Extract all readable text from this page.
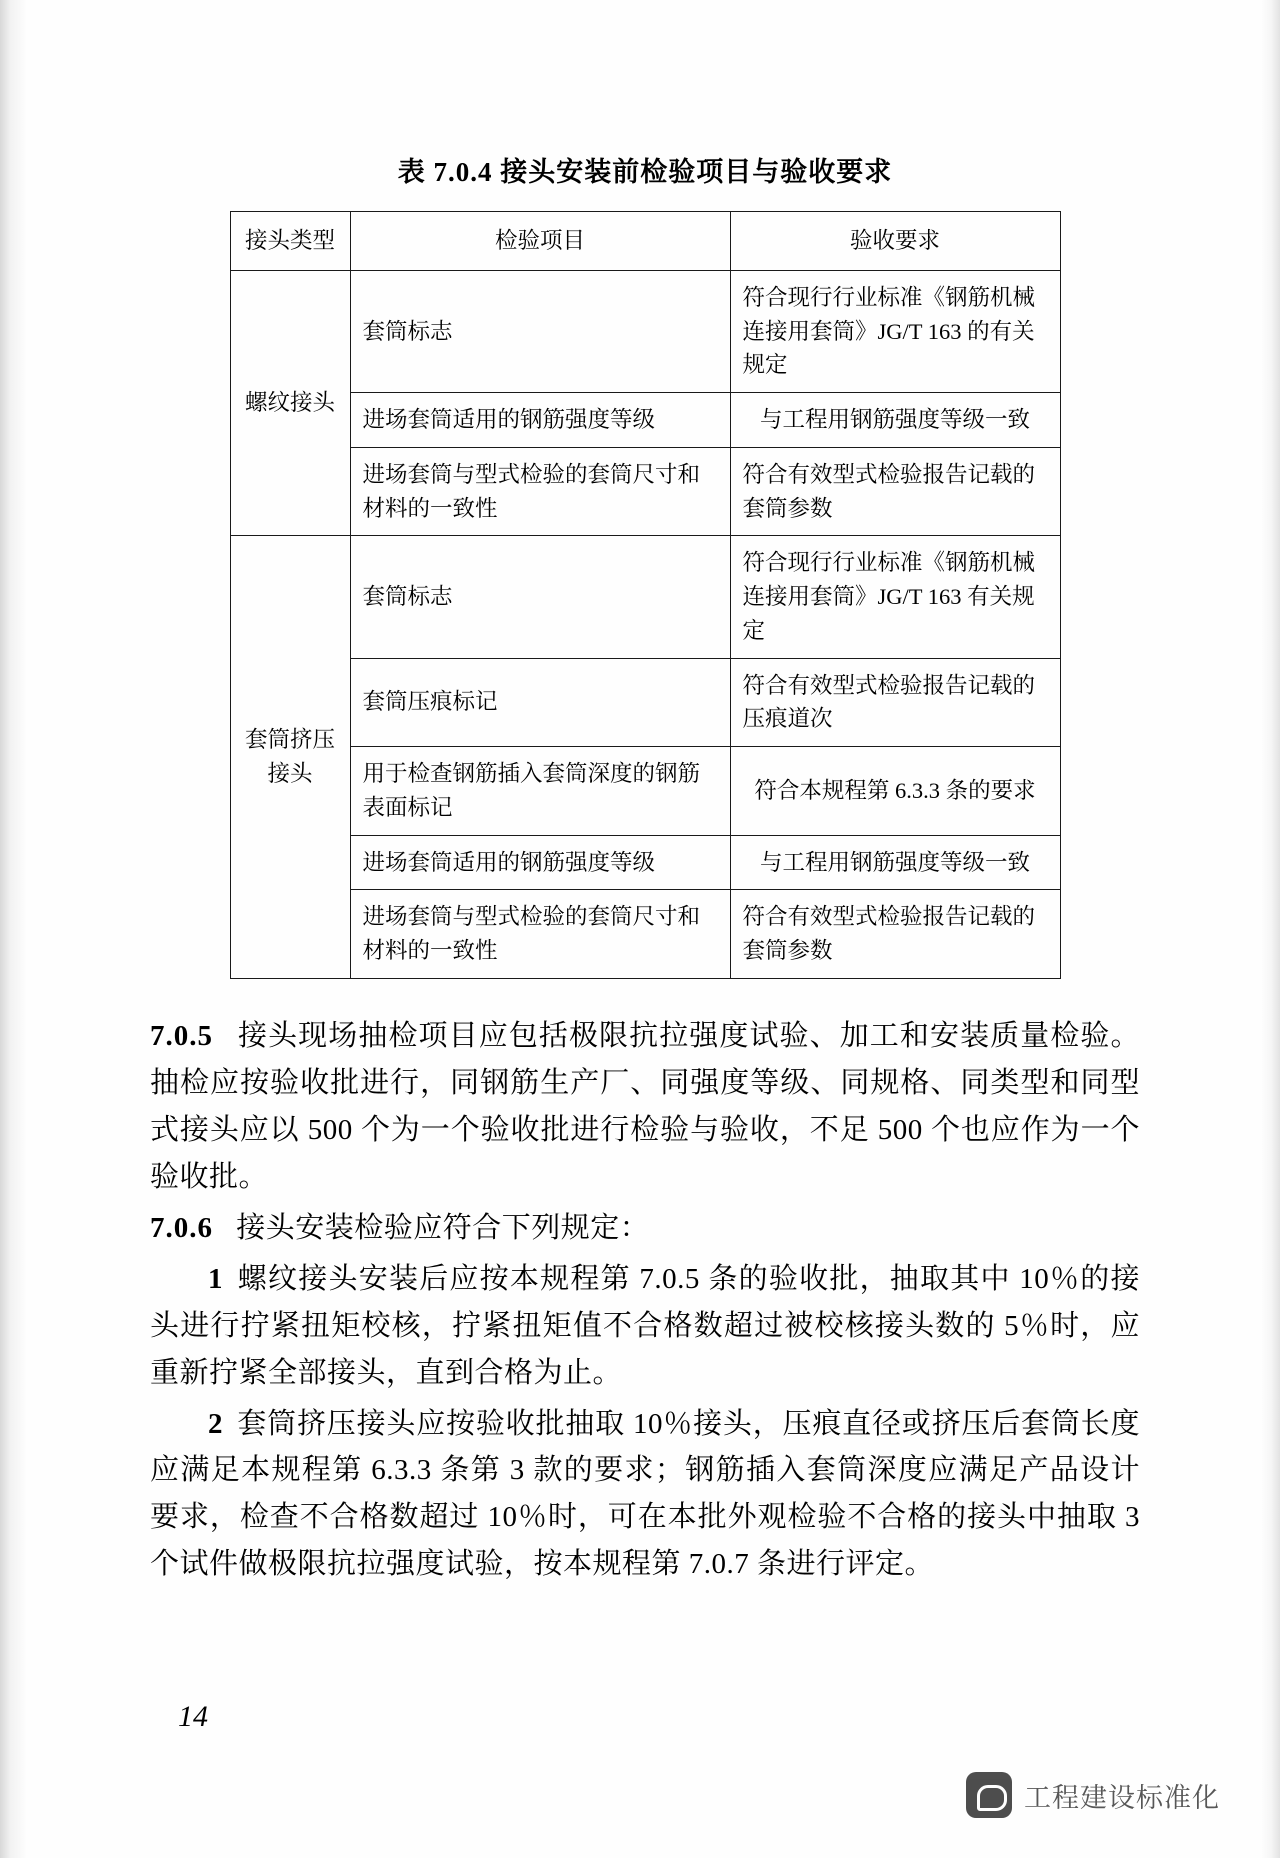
表 7.0.4 接头安装前检验项目与验收要求
接头类型	检验项目	验收要求
螺纹接头	套筒标志	符合现行行业标准《钢筋机械连接用套筒》JG/T 163 的有关规定
	进场套筒适用的钢筋强度等级	与工程用钢筋强度等级一致
	进场套筒与型式检验的套筒尺寸和材料的一致性	符合有效型式检验报告记载的套筒参数
套筒挤压接头	套筒标志	符合现行行业标准《钢筋机械连接用套筒》JG/T 163 有关规定
	套筒压痕标记	符合有效型式检验报告记载的压痕道次
	用于检查钢筋插入套筒深度的钢筋表面标记	符合本规程第 6.3.3 条的要求
	进场套筒适用的钢筋强度等级	与工程用钢筋强度等级一致
	进场套筒与型式检验的套筒尺寸和材料的一致性	符合有效型式检验报告记载的套筒参数

7.0.5 接头现场抽检项目应包括极限抗拉强度试验、加工和安装质量检验。抽检应按验收批进行，同钢筋生产厂、同强度等级、同规格、同类型和同型式接头应以 500 个为一个验收批进行检验与验收，不足 500 个也应作为一个验收批。

7.0.6 接头安装检验应符合下列规定：

1 螺纹接头安装后应按本规程第 7.0.5 条的验收批，抽取其中 10％的接头进行拧紧扭矩校核，拧紧扭矩值不合格数超过被校核接头数的 5％时，应重新拧紧全部接头，直到合格为止。

2 套筒挤压接头应按验收批抽取 10％接头，压痕直径或挤压后套筒长度应满足本规程第 6.3.3 条第 3 款的要求；钢筋插入套筒深度应满足产品设计要求，检查不合格数超过 10％时，可在本批外观检验不合格的接头中抽取 3 个试件做极限抗拉强度试验，按本规程第 7.0.7 条进行评定。

14
工程建设标准化
